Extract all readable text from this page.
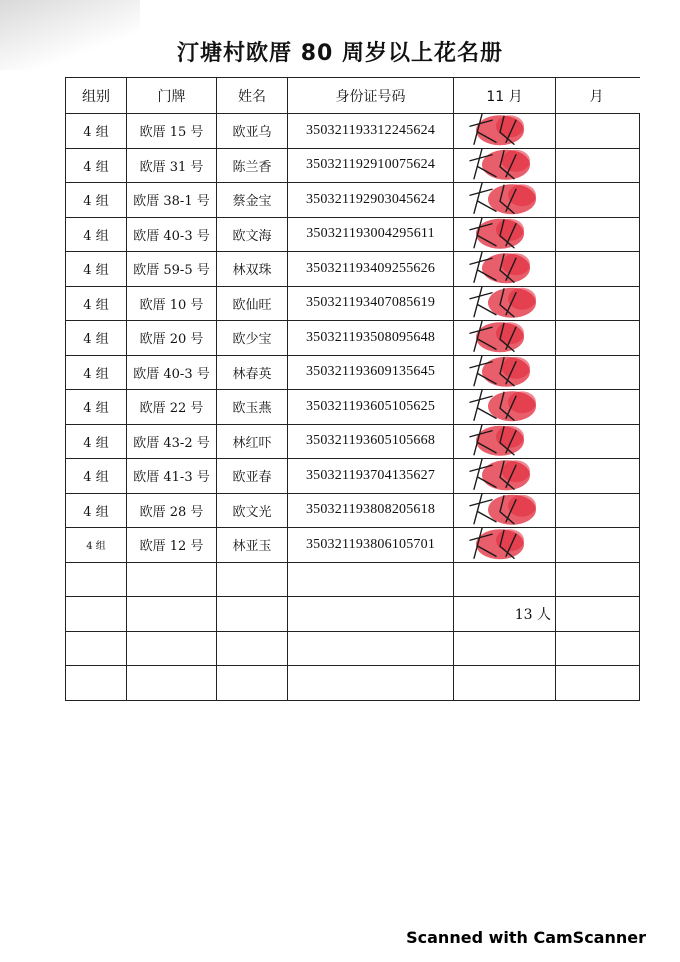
汀塘村欧厝 80 周岁以上花名册
组别	门牌	姓名	身份证号码	11 月	月
4 组	欧厝 15 号	欧亚乌	350321193312245624		
4 组	欧厝 31 号	陈兰香	350321192910075624		
4 组	欧厝 38-1 号	蔡金宝	350321192903045624		
4 组	欧厝 40-3 号	欧文海	350321193004295611		
4 组	欧厝 59-5 号	林双珠	350321193409255626		
4 组	欧厝 10 号	欧仙旺	350321193407085619		
4 组	欧厝 20 号	欧少宝	350321193508095648		
4 组	欧厝 40-3 号	林春英	350321193609135645		
4 组	欧厝 22 号	欧玉燕	350321193605105625		
4 组	欧厝 43-2 号	林红吓	350321193605105668		
4 组	欧厝 41-3 号	欧亚春	350321193704135627		
4 组	欧厝 28 号	欧文光	350321193808205618		
4 组	欧厝 12 号	林亚玉	350321193806105701		

				13 人	

Scanned with CamScanner
